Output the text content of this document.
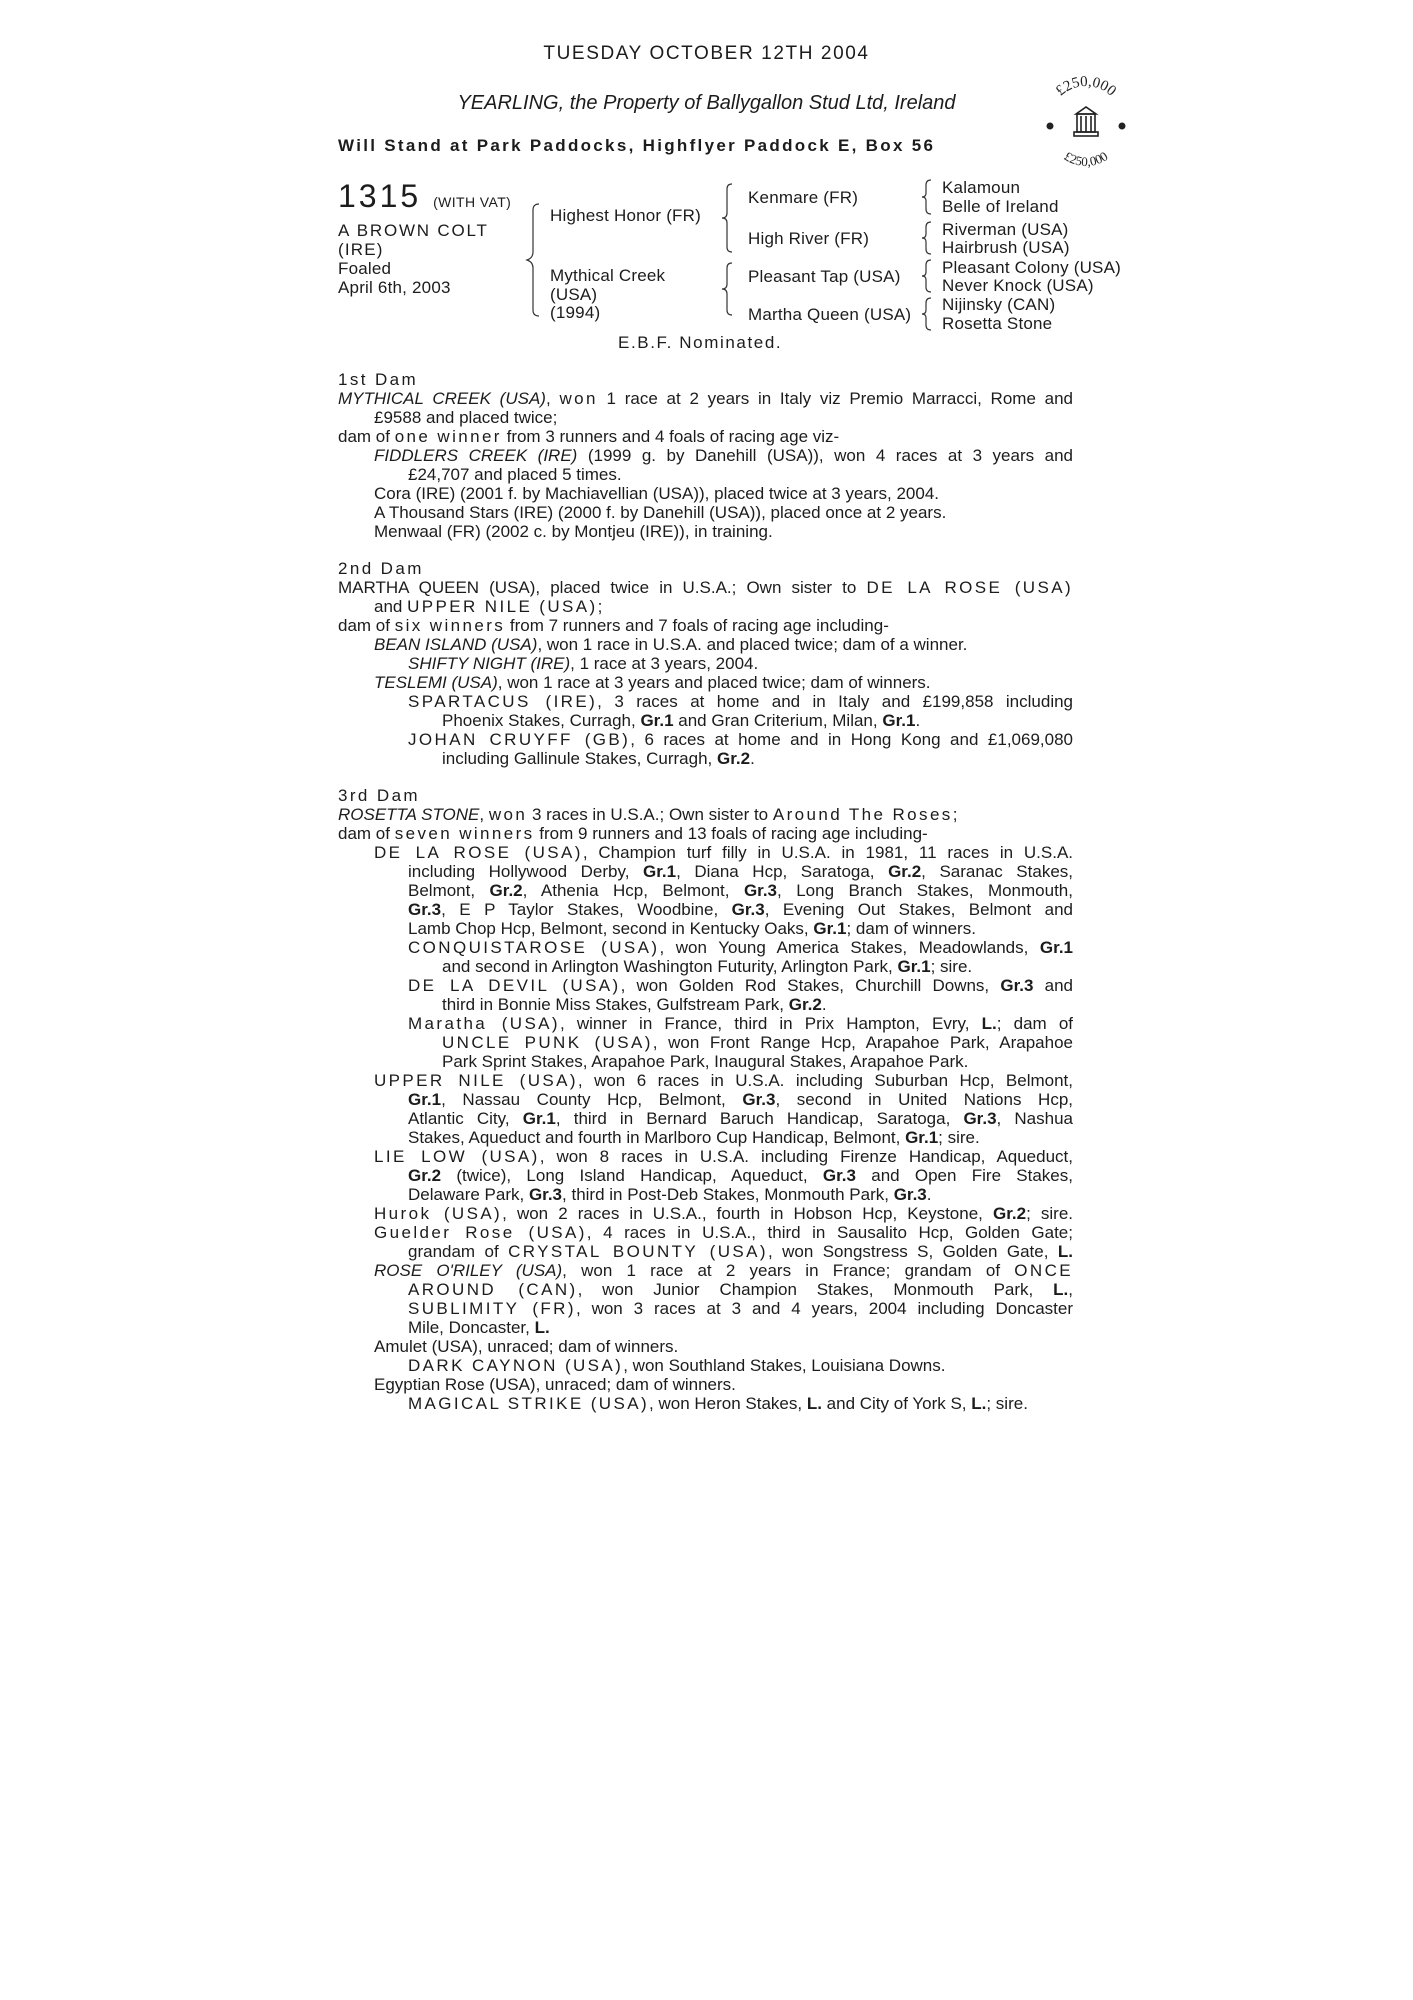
TUESDAY OCTOBER 12TH 2004
YEARLING, the Property of Ballygallon Stud Ltd, Ireland
Will Stand at Park Paddocks, Highflyer Paddock E, Box 56
£250,000
£250,000
1315 (WITH VAT)
A BROWN COLT
(IRE)
Foaled
April 6th, 2003
Highest Honor (FR)
Mythical Creek
(USA)
(1994)
Kenmare (FR)
High River (FR)
Pleasant Tap (USA)
Martha Queen (USA)
Kalamoun
Belle of Ireland
Riverman (USA)
Hairbrush (USA)
Pleasant Colony (USA)
Never Knock (USA)
Nijinsky (CAN)
Rosetta Stone
E.B.F. Nominated.
1st Dam
MYTHICAL CREEK (USA), won 1 race at 2 years in Italy viz Premio Marracci, Rome and
£9588 and placed twice;
dam of one winner from 3 runners and 4 foals of racing age viz-
FIDDLERS CREEK (IRE) (1999 g. by Danehill (USA)), won 4 races at 3 years and
£24,707 and placed 5 times.
Cora (IRE) (2001 f. by Machiavellian (USA)), placed twice at 3 years, 2004.
A Thousand Stars (IRE) (2000 f. by Danehill (USA)), placed once at 2 years.
Menwaal (FR) (2002 c. by Montjeu (IRE)), in training.
2nd Dam
MARTHA QUEEN (USA), placed twice in U.S.A.; Own sister to DE LA ROSE (USA)
and UPPER NILE (USA);
dam of six winners from 7 runners and 7 foals of racing age including-
BEAN ISLAND (USA), won 1 race in U.S.A. and placed twice; dam of a winner.
SHIFTY NIGHT (IRE), 1 race at 3 years, 2004.
TESLEMI (USA), won 1 race at 3 years and placed twice; dam of winners.
SPARTACUS (IRE), 3 races at home and in Italy and £199,858 including
Phoenix Stakes, Curragh, Gr.1 and Gran Criterium, Milan, Gr.1.
JOHAN CRUYFF (GB), 6 races at home and in Hong Kong and £1,069,080
including Gallinule Stakes, Curragh, Gr.2.
3rd Dam
ROSETTA STONE, won 3 races in U.S.A.; Own sister to Around The Roses;
dam of seven winners from 9 runners and 13 foals of racing age including-
DE LA ROSE (USA), Champion turf filly in U.S.A. in 1981, 11 races in U.S.A.
including Hollywood Derby, Gr.1, Diana Hcp, Saratoga, Gr.2, Saranac Stakes,
Belmont, Gr.2, Athenia Hcp, Belmont, Gr.3, Long Branch Stakes, Monmouth,
Gr.3, E P Taylor Stakes, Woodbine, Gr.3, Evening Out Stakes, Belmont and
Lamb Chop Hcp, Belmont, second in Kentucky Oaks, Gr.1; dam of winners.
CONQUISTAROSE (USA), won Young America Stakes, Meadowlands, Gr.1
and second in Arlington Washington Futurity, Arlington Park, Gr.1; sire.
DE LA DEVIL (USA), won Golden Rod Stakes, Churchill Downs, Gr.3 and
third in Bonnie Miss Stakes, Gulfstream Park, Gr.2.
Maratha (USA), winner in France, third in Prix Hampton, Evry, L.; dam of
UNCLE PUNK (USA), won Front Range Hcp, Arapahoe Park, Arapahoe
Park Sprint Stakes, Arapahoe Park, Inaugural Stakes, Arapahoe Park.
UPPER NILE (USA), won 6 races in U.S.A. including Suburban Hcp, Belmont,
Gr.1, Nassau County Hcp, Belmont, Gr.3, second in United Nations Hcp,
Atlantic City, Gr.1, third in Bernard Baruch Handicap, Saratoga, Gr.3, Nashua
Stakes, Aqueduct and fourth in Marlboro Cup Handicap, Belmont, Gr.1; sire.
LIE LOW (USA), won 8 races in U.S.A. including Firenze Handicap, Aqueduct,
Gr.2 (twice), Long Island Handicap, Aqueduct, Gr.3 and Open Fire Stakes,
Delaware Park, Gr.3, third in Post-Deb Stakes, Monmouth Park, Gr.3.
Hurok (USA), won 2 races in U.S.A., fourth in Hobson Hcp, Keystone, Gr.2; sire.
Guelder Rose (USA), 4 races in U.S.A., third in Sausalito Hcp, Golden Gate;
grandam of CRYSTAL BOUNTY (USA), won Songstress S, Golden Gate, L.
ROSE O'RILEY (USA), won 1 race at 2 years in France; grandam of ONCE
AROUND (CAN), won Junior Champion Stakes, Monmouth Park, L.,
SUBLIMITY (FR), won 3 races at 3 and 4 years, 2004 including Doncaster
Mile, Doncaster, L.
Amulet (USA), unraced; dam of winners.
DARK CAYNON (USA), won Southland Stakes, Louisiana Downs.
Egyptian Rose (USA), unraced; dam of winners.
MAGICAL STRIKE (USA), won Heron Stakes, L. and City of York S, L.; sire.
